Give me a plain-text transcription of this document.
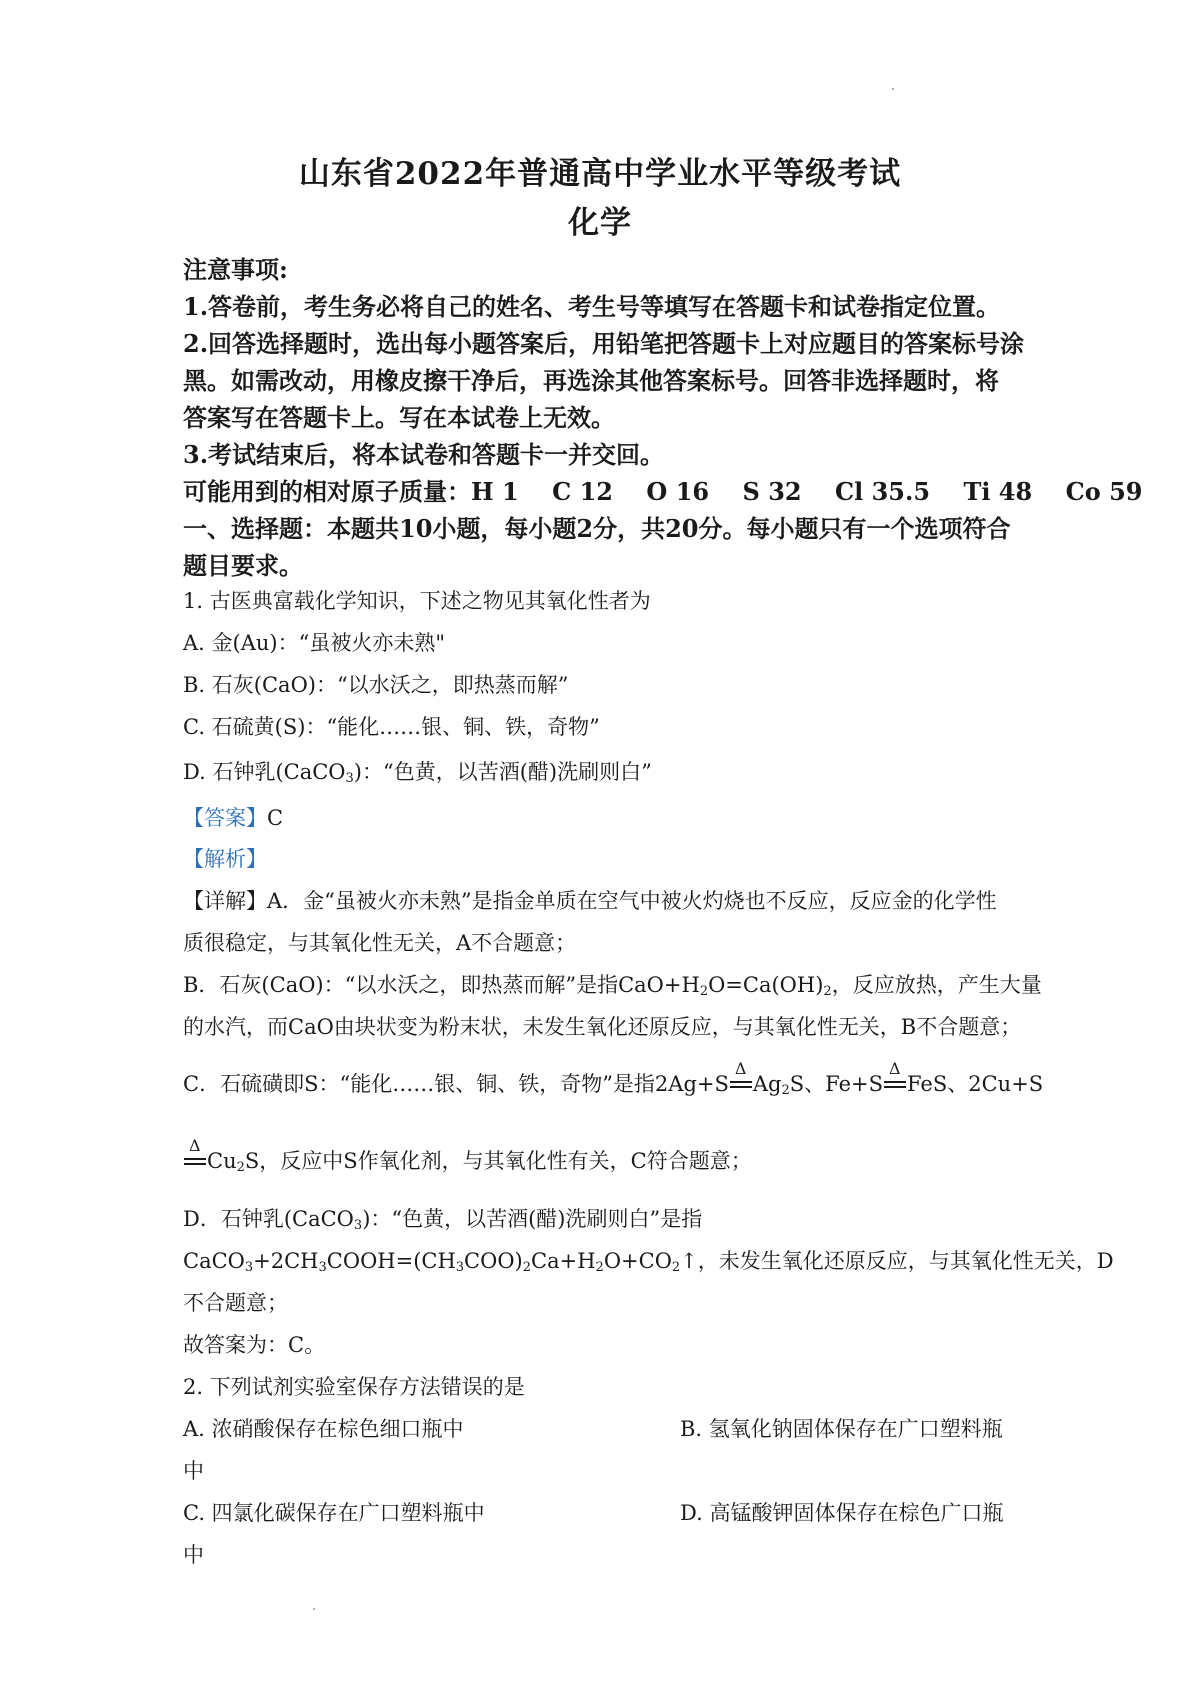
山东省2022年普通高中学业水平等级考试
化学
注意事项:
1.答卷前，考生务必将自己的姓名、考生号等填写在答题卡和试卷指定位置。
2.回答选择题时，选出每小题答案后，用铅笔把答题卡上对应题目的答案标号涂
黑。如需改动，用橡皮擦干净后，再选涂其他答案标号。回答非选择题时，将
答案写在答题卡上。写在本试卷上无效。
3.考试结束后，将本试卷和答题卡一并交回。
可能用到的相对原子质量：H 1    C 12    O 16    S 32    Cl 35.5    Ti 48    Co 59
一、选择题：本题共10小题，每小题2分，共20分。每小题只有一个选项符合
题目要求。
1. 古医典富载化学知识，下述之物见其氧化性者为
A. 金(Au)：“虽被火亦未熟"
B. 石灰(CaO)：“以水沃之，即热蒸而解”
C. 石硫黄(S)：“能化……银、铜、铁，奇物”
D. 石钟乳(CaCO$_3$)：“色黄，以苦酒(醋)洗刷则白”
【答案】C
【解析】
【详解】A．金“虽被火亦未熟”是指金单质在空气中被火灼烧也不反应，反应金的化学性
质很稳定，与其氧化性无关，A不合题意；
B．石灰(CaO)：“以水沃之，即热蒸而解”是指$CaO+H_2O=Ca(OH)_2$，反应放热，产生大量
的水汽，而CaO由块状变为粉末状，未发生氧化还原反应，与其氧化性无关，B不合题意；
C．石硫磺即S：“能化……银、铜、铁，奇物”是指2Ag+S
Δ
$Ag_2S$、Fe+S
Δ
FeS、2Cu+S
Δ
$Cu_2S$，反应中S作氧化剂，与其氧化性有关，C符合题意；
D．石钟乳(CaCO$_3$)：“色黄，以苦酒(醋)洗刷则白”是指
$CaCO_3+2CH_3COOH=(CH_3COO)_2Ca+H_2O+CO_2↑$，未发生氧化还原反应，与其氧化性无关，D
不合题意；
故答案为：C。
2. 下列试剂实验室保存方法错误的是
A. 浓硝酸保存在棕色细口瓶中	B. 氢氧化钠固体保存在广口塑料瓶
中
C. 四氯化碳保存在广口塑料瓶中	D. 高锰酸钾固体保存在棕色广口瓶
中
